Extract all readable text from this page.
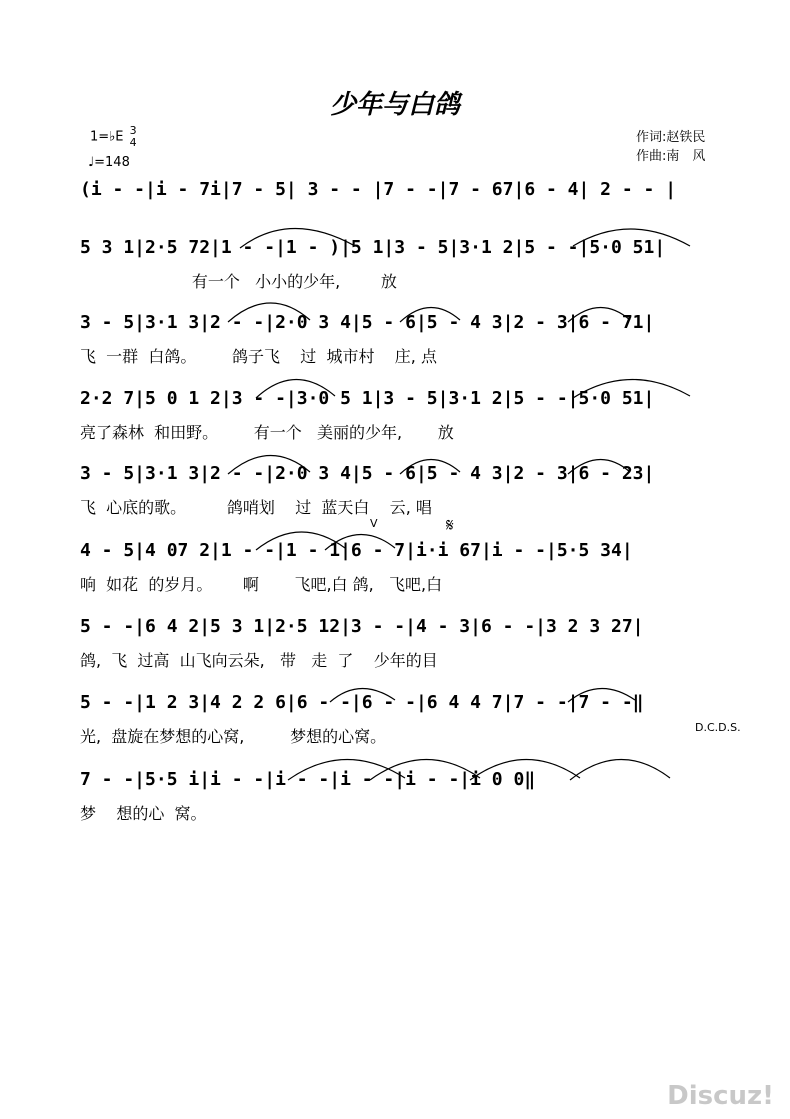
少年与白鸽
1=♭E 3
4
♩=148
作词:赵铁民
作曲:南　风
(i - -|i - 7i|7 - 5| 3 - - |7 - -|7 - 67|6 - 4| 2 - - |
5 3 1|2·5 72|1 - -|1 - )|5 1|3 - 5|3·1 2|5 - -|5·0 51|
有一个   小小的少年,        放
3 - 5|3·1 3|2 - -|2·0 3 4|5 - 6|5 - 4 3|2 - 3|6 - 71|
飞  一群  白鸽。       鸽子飞    过  城市村    庄, 点
2·2 7|5 0 1 2|3 - -|3·0 5 1|3 - 5|3·1 2|5 - -|5·0 51|
亮了森林  和田野。       有一个   美丽的少年,       放
3 - 5|3·1 3|2 - -|2·0 3 4|5 - 6|5 - 4 3|2 - 3|6 - 23|
飞  心底的歌。        鸽哨划    过  蓝天白    云, 唱
4 - 5|4 07 2|1 - -|1 - 1|6 - 7|i·i 67|i - -|5·5 34|
响  如花  的岁月。      啊       飞吧,白 鸽,   飞吧,白
5 - -|6 4 2|5 3 1|2·5 12|3 - -|4 - 3|6 - -|3 2 3 27|
鸽,  飞  过高  山飞向云朵,   带   走  了    少年的目
5 - -|1 2 3|4 2 2 6|6 - -|6 - -|6 4 4 7|7 - -|7 - -‖
光,  盘旋在梦想的心窝,         梦想的心窝。	D.C.D.S.
7 - -|5·5 i|i - -|i - -|i - -|i - -|i 0 0‖
梦    想的心  窝。
𝄋
V
Discuz!
